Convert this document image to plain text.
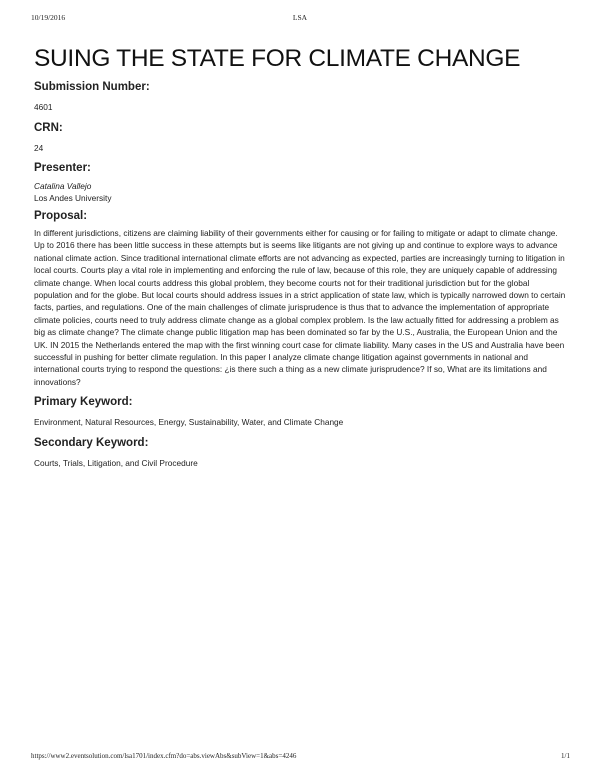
10/19/2016	LSA
SUING THE STATE FOR CLIMATE CHANGE
Submission Number:
4601
CRN:
24
Presenter:
Catalina Vallejo
Los Andes University
Proposal:

In different jurisdictions, citizens are claiming liability of their governments either for causing or for failing to mitigate or adapt to climate change. Up to 2016 there has been little success in these attempts but is seems like litigants are not giving up and continue to explore ways to advance national climate action. Since traditional international climate efforts are not advancing as expected, parties are increasingly turning to litigation in local courts. Courts play a vital role in implementing and enforcing the rule of law, because of this role, they are uniquely capable of addressing climate change. When local courts address this global problem, they become courts not for their traditional jurisdiction but for the global population and for the globe. But local courts should address issues in a strict application of state law, which is typically narrowed down to certain facts, parties, and regulations. One of the main challenges of climate jurisprudence is thus that to advance the implementation of appropriate climate policies, courts need to truly address climate change as a global complex problem. Is the law actually fitted for addressing a problem as big as climate change? The climate change public litigation map has been dominated so far by the U.S., Australia, the European Union and the UK. IN 2015 the Netherlands entered the map with the first winning court case for climate liability. Many cases in the US and Australia have been successful in pushing for better climate regulation. In this paper I analyze climate change litigation against governments in national and international courts trying to respond the questions: ¿is there such a thing as a new climate jurisprudence? If so, What are its limitations and innovations?

Primary Keyword:
Environment, Natural Resources, Energy, Sustainability, Water, and Climate Change
Secondary Keyword:
Courts, Trials, Litigation, and Civil Procedure
https://www2.eventsolution.com/lsa1701/index.cfm?do=abs.viewAbs&subView=1&abs=4246	1/1
